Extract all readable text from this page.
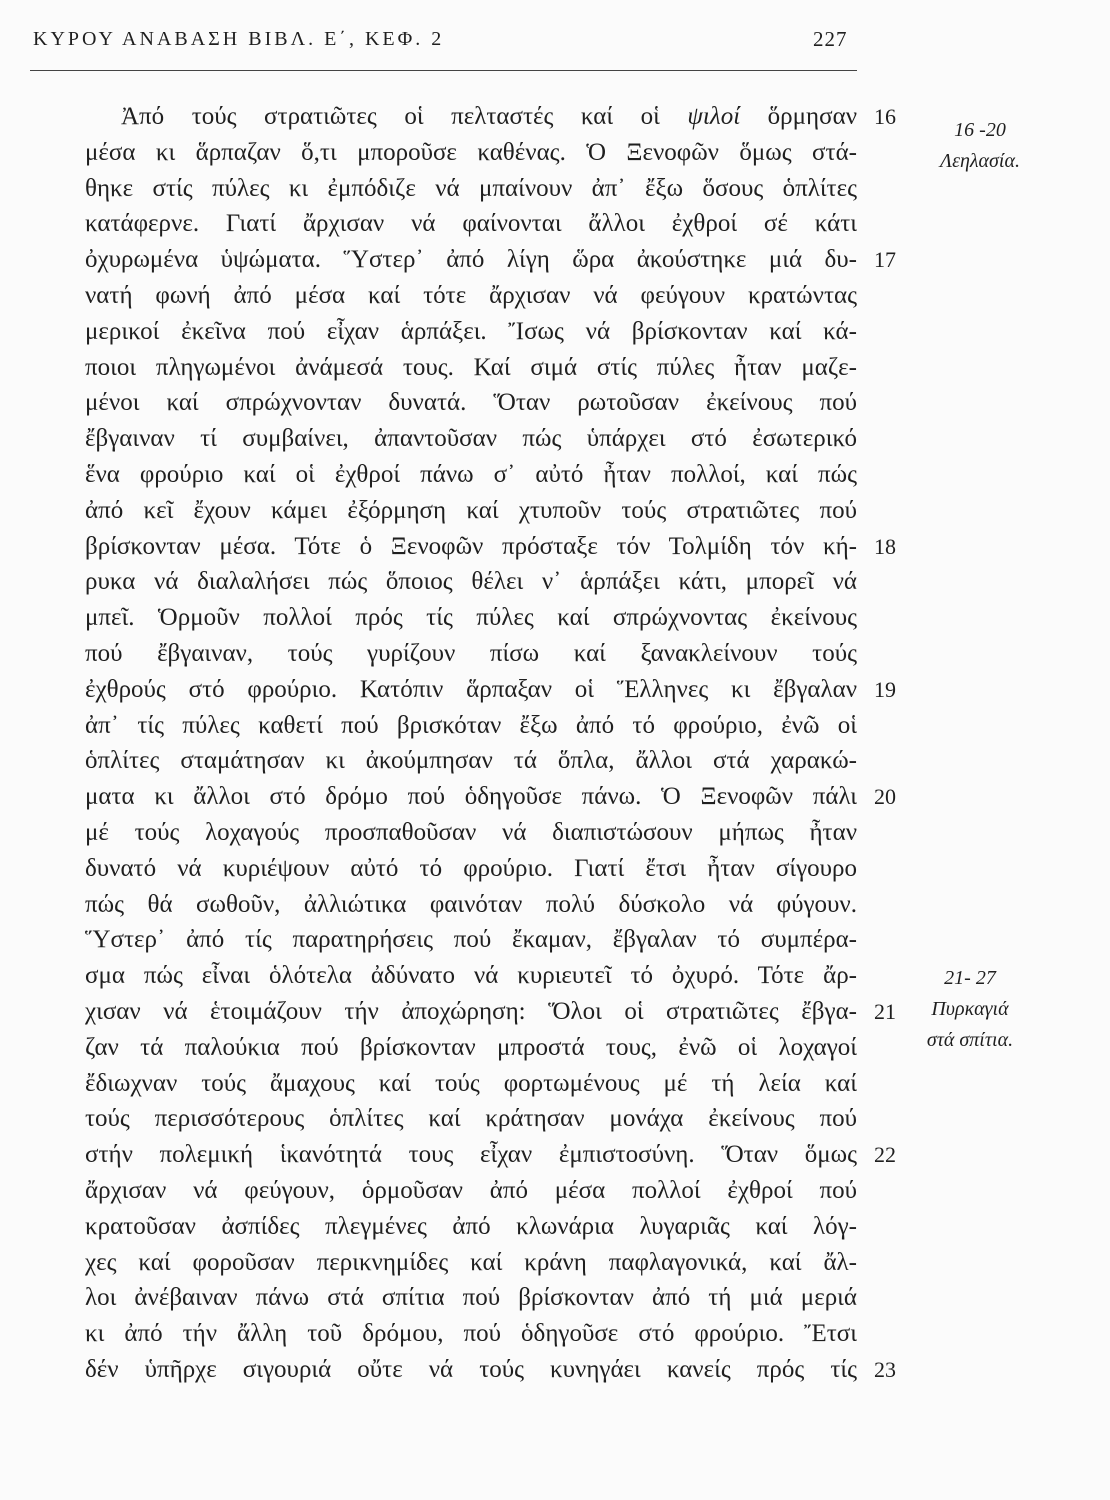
ΚΥΡΟΥ ΑΝΑΒΑΣΗ ΒΙΒΛ. Ε΄, ΚΕΦ. 2	227
Ἀπό τούς στρατιῶτες οἱ πελταστές καί οἱ ψιλοί ὅρμησαν 16
μέσα κι ἅρπαζαν ὅ,τι μποροῦσε καθένας. Ὁ Ξενοφῶν ὅμως στά-
θηκε στίς πύλες κι ἐμπόδιζε νά μπαίνουν ἀπ᾿ ἔξω ὅσους ὁπλίτες
κατάφερνε. Γιατί ἄρχισαν νά φαίνονται ἄλλοι ἐχθροί σέ κάτι
ὀχυρωμένα ὑψώματα. Ὕστερ᾿ ἀπό λίγη ὥρα ἀκούστηκε μιά δυ- 17
νατή φωνή ἀπό μέσα καί τότε ἄρχισαν νά φεύγουν κρατώντας
μερικοί ἐκεῖνα πού εἶχαν ἁρπάξει. Ἴσως νά βρίσκονταν καί κά-
ποιοι πληγωμένοι ἀνάμεσά τους. Καί σιμά στίς πύλες ἦταν μαζε-
μένοι καί σπρώχνονταν δυνατά. Ὅταν ρωτοῦσαν ἐκείνους πού
ἔβγαιναν τί συμβαίνει, ἀπαντοῦσαν πώς ὑπάρχει στό ἐσωτερικό
ἕνα φρούριο καί οἱ ἐχθροί πάνω σ᾿ αὐτό ἦταν πολλοί, καί πώς
ἀπό κεῖ ἔχουν κάμει ἐξόρμηση καί χτυποῦν τούς στρατιῶτες πού
βρίσκονταν μέσα. Τότε ὁ Ξενοφῶν πρόσταξε τόν Τολμίδη τόν κή- 18
ρυκα νά διαλαλήσει πώς ὅποιος θέλει ν᾿ ἁρπάξει κάτι, μπορεῖ νά
μπεῖ. Ὁρμοῦν πολλοί πρός τίς πύλες καί σπρώχνοντας ἐκείνους
πού ἔβγαιναν, τούς γυρίζουν πίσω καί ξανακλείνουν τούς
ἐχθρούς στό φρούριο. Κατόπιν ἅρπαξαν οἱ Ἕλληνες κι ἔβγαλαν 19
ἀπ᾿ τίς πύλες καθετί πού βρισκόταν ἔξω ἀπό τό φρούριο, ἐνῶ οἱ
ὁπλίτες σταμάτησαν κι ἀκούμπησαν τά ὅπλα, ἄλλοι στά χαρακώ-
ματα κι ἄλλοι στό δρόμο πού ὁδηγοῦσε πάνω. Ὁ Ξενοφῶν πάλι 20
μέ τούς λοχαγούς προσπαθοῦσαν νά διαπιστώσουν μήπως ἦταν
δυνατό νά κυριέψουν αὐτό τό φρούριο. Γιατί ἔτσι ἦταν σίγουρο
πώς θά σωθοῦν, ἀλλιώτικα φαινόταν πολύ δύσκολο νά φύγουν.
Ὕστερ᾿ ἀπό τίς παρατηρήσεις πού ἔκαμαν, ἔβγαλαν τό συμπέρα-
σμα πώς εἶναι ὁλότελα ἀδύνατο νά κυριευτεῖ τό ὀχυρό. Τότε ἄρ-
χισαν νά ἑτοιμάζουν τήν ἀποχώρηση: Ὅλοι οἱ στρατιῶτες ἔβγα- 21
ζαν τά παλούκια πού βρίσκονταν μπροστά τους, ἐνῶ οἱ λοχαγοί
ἔδιωχναν τούς ἄμαχους καί τούς φορτωμένους μέ τή λεία καί
τούς περισσότερους ὁπλίτες καί κράτησαν μονάχα ἐκείνους πού
στήν πολεμική ἱκανότητά τους εἶχαν ἐμπιστοσύνη. Ὅταν ὅμως 22
ἄρχισαν νά φεύγουν, ὁρμοῦσαν ἀπό μέσα πολλοί ἐχθροί πού
κρατοῦσαν ἀσπίδες πλεγμένες ἀπό κλωνάρια λυγαριᾶς καί λόγ-
χες καί φοροῦσαν περικνημίδες καί κράνη παφλαγονικά, καί ἄλ-
λοι ἀνέβαιναν πάνω στά σπίτια πού βρίσκονταν ἀπό τή μιά μεριά
κι ἀπό τήν ἄλλη τοῦ δρόμου, πού ὁδηγοῦσε στό φρούριο. Ἔτσι
δέν ὑπῆρχε σιγουριά οὔτε νά τούς κυνηγάει κανείς πρός τίς 23
16 -20
Λεηλασία.
21- 27
Πυρκαγιά
στά σπίτια.
